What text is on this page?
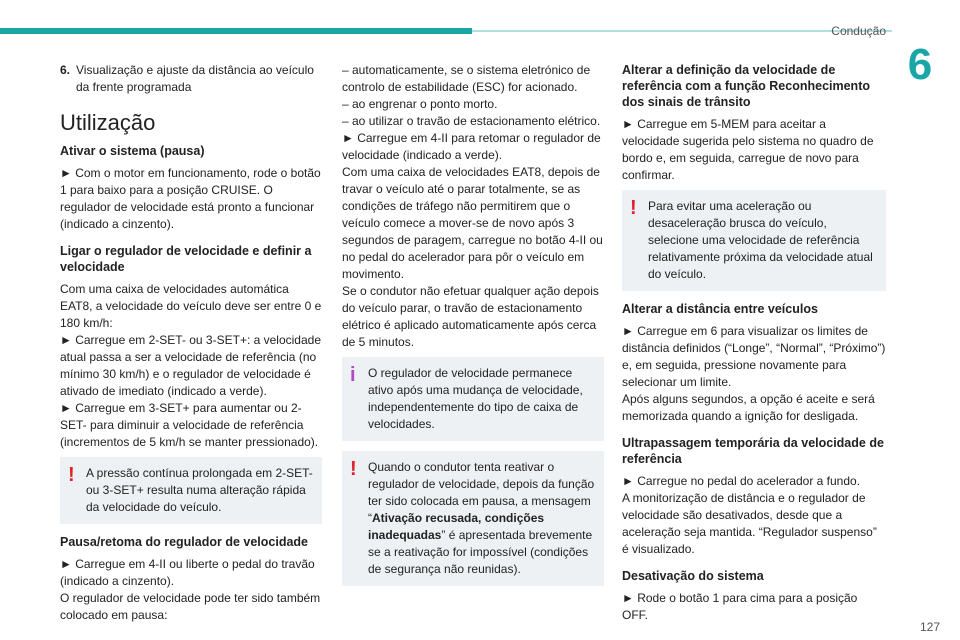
Condução
6
127
6. Visualização e ajuste da distância ao veículo da frente programada
Utilização
Ativar o sistema (pausa)

► Com o motor em funcionamento, rode o botão 1 para baixo para a posição CRUISE. O regulador de velocidade está pronto a funcionar (indicado a cinzento).

Ligar o regulador de velocidade e definir a velocidade

Com uma caixa de velocidades automática EAT8, a velocidade do veículo deve ser entre 0 e 180 km/h:

► Carregue em 2-SET- ou 3-SET+: a velocidade atual passa a ser a velocidade de referência (no mínimo 30 km/h) e o regulador de velocidade é ativado de imediato (indicado a verde).

► Carregue em 3-SET+ para aumentar ou 2-SET- para diminuir a velocidade de referência (incrementos de 5 km/h se manter pressionado).

! A pressão contínua prolongada em 2-SET- ou 3-SET+ resulta numa alteração rápida da velocidade do veículo.

Pausa/retoma do regulador de velocidade

► Carregue em 4-II ou liberte o pedal do travão (indicado a cinzento).

O regulador de velocidade pode ter sido também colocado em pausa:

– automaticamente, se o sistema eletrónico de controlo de estabilidade (ESC) for acionado.

– ao engrenar o ponto morto.

– ao utilizar o travão de estacionamento elétrico.

► Carregue em 4-II para retomar o regulador de velocidade (indicado a verde).

Com uma caixa de velocidades EAT8, depois de travar o veículo até o parar totalmente, se as condições de tráfego não permitirem que o veículo comece a mover-se de novo após 3 segundos de paragem, carregue no botão 4-II ou no pedal do acelerador para pôr o veículo em movimento.

Se o condutor não efetuar qualquer ação depois do veículo parar, o travão de estacionamento elétrico é aplicado automaticamente após cerca de 5 minutos.

i O regulador de velocidade permanece ativo após uma mudança de velocidade, independentemente do tipo de caixa de velocidades.

! Quando o condutor tenta reativar o regulador de velocidade, depois da função ter sido colocada em pausa, a mensagem “Ativação recusada, condições inadequadas” é apresentada brevemente se a reativação for impossível (condições de segurança não reunidas).

Alterar a definição da velocidade de referência com a função Reconhecimento dos sinais de trânsito

► Carregue em 5-MEM para aceitar a velocidade sugerida pelo sistema no quadro de bordo e, em seguida, carregue de novo para confirmar.

! Para evitar uma aceleração ou desaceleração brusca do veículo, selecione uma velocidade de referência relativamente próxima da velocidade atual do veículo.

Alterar a distância entre veículos

► Carregue em 6 para visualizar os limites de distância definidos (“Longe”, “Normal”, “Próximo”) e, em seguida, pressione novamente para selecionar um limite.

Após alguns segundos, a opção é aceite e será memorizada quando a ignição for desligada.

Ultrapassagem temporária da velocidade de referência

► Carregue no pedal do acelerador a fundo.

A monitorização de distância e o regulador de velocidade são desativados, desde que a aceleração seja mantida. “Regulador suspenso” é visualizado.

Desativação do sistema

► Rode o botão 1 para cima para a posição OFF.
